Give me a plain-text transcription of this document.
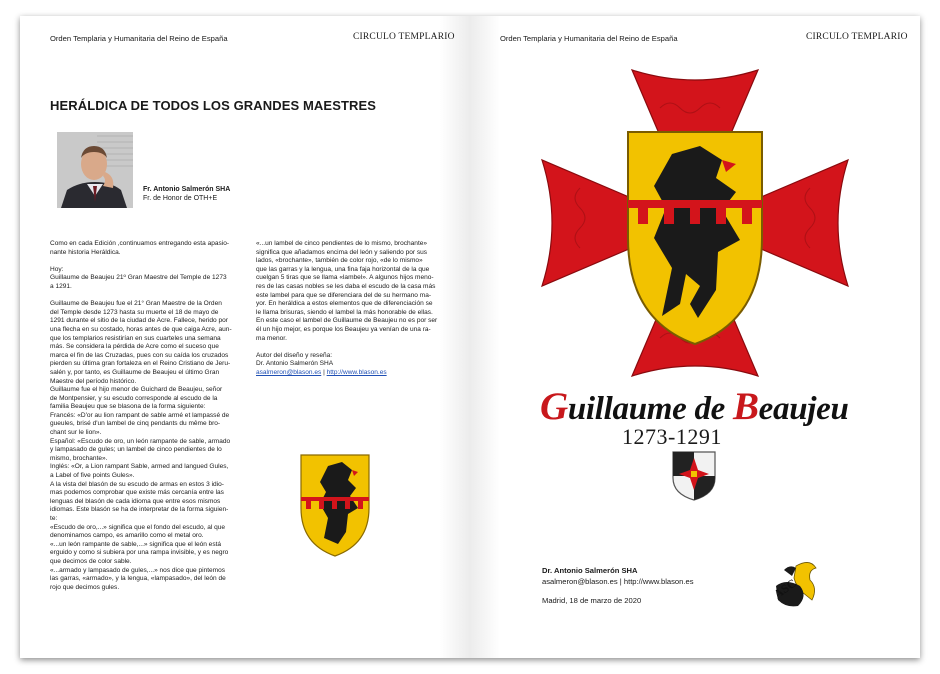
Orden Templaria y Humanitaria del Reino de España	CIRCULO TEMPLARIO
HERÁLDICA DE TODOS LOS GRANDES MAESTRES
Fr. Antonio Salmerón SHA
Fr. de Honor de OTH+E

Como en cada Edición ,continuamos entregando esta apasio-

nante historia Heráldica.

Hoy:

Guillaume de Beaujeu 21º Gran Maestre del Temple de 1273

a 1291.

Guillaume de Beaujeu fue el 21° Gran Maestre de la Orden

del Temple desde 1273 hasta su muerte el 18 de mayo de

1291 durante el sitio de la ciudad de Acre. Fallece, herido por

una flecha en su costado, horas antes de que caiga Acre, aun-

que los templarios resistirían en sus cuarteles una semana

más. Se considera la pérdida de Acre como el suceso que

marca el fin de las Cruzadas, pues con su caída los cruzados

pierden su última gran fortaleza en el Reino Cristiano de Jeru-

salén y, por tanto, es Guillaume de Beaujeu el último Gran

Maestre del período histórico.

Guillaume fue el hijo menor de Guichard de Beaujeu, señor

de Montpensier, y su escudo corresponde al escudo de la

familia Beaujeu que se blasona de la forma siguiente:

Francés: «D'or au lion rampant de sable armé et lampassé de

gueules, brisé d'un lambel de cinq pendants du même bro-

chant sur le lion».

Español: «Escudo de oro, un león rampante de sable, armado

y lampasado de gules; un lambel de cinco pendientes de lo

mismo, brochante».

Inglés: «Or, a Lion rampant Sable, armed and langued Gules,

a Label of five points Gules».

A la vista del blasón de su escudo de armas en estos 3 idio-

mas podemos comprobar que existe más cercanía entre las

lenguas del blasón de cada idioma que entre esos mismos

idiomas. Este blasón se ha de interpretar de la forma siguien-

te:

«Escudo de oro,...» significa que el fondo del escudo, al que

denominamos campo, es amarillo como el metal oro.

«...un león rampante de sable,...» significa que el león está

erguido y como si subiera por una rampa invisible, y es negro

que decimos de color sable.

«...armado y lampasado de gules,...» nos dice que pintemos

las garras, «armado», y la lengua, «lampasado», del león de

rojo que decimos gules.

«...un lambel de cinco pendientes de lo mismo, brochante»

significa que añadamos encima del león y saliendo por sus

lados, «brochante», también de color rojo, «de lo mismo»

que las garras y la lengua, una fina faja horizontal de la que

cuelgan 5 tiras que se llama «lambel». A algunos hijos meno-

res de las casas nobles se les daba el escudo de la casa más

este lambel para que se diferenciara del de su hermano ma-

yor. En heráldica a estos elementos que de diferenciación se

le llama brisuras, siendo el lambel la más honorable de ellas.

En este caso el lambel de Guillaume de Beaujeu no es por ser

él un hijo mejor, es porque los Beaujeu ya venían de una ra-

ma menor.

Autor del diseño y reseña:

Dr. Antonio Salmerón SHA

asalmeron@blason.es | http://www.blason.es

Orden Templaria y Humanitaria del Reino de España	CIRCULO TEMPLARIO
Guillaume de Beaujeu
1273-1291
Dr. Antonio Salmerón SHA
asalmeron@blason.es | http://www.blason.es
Madrid, 18 de marzo de 2020	ASC
